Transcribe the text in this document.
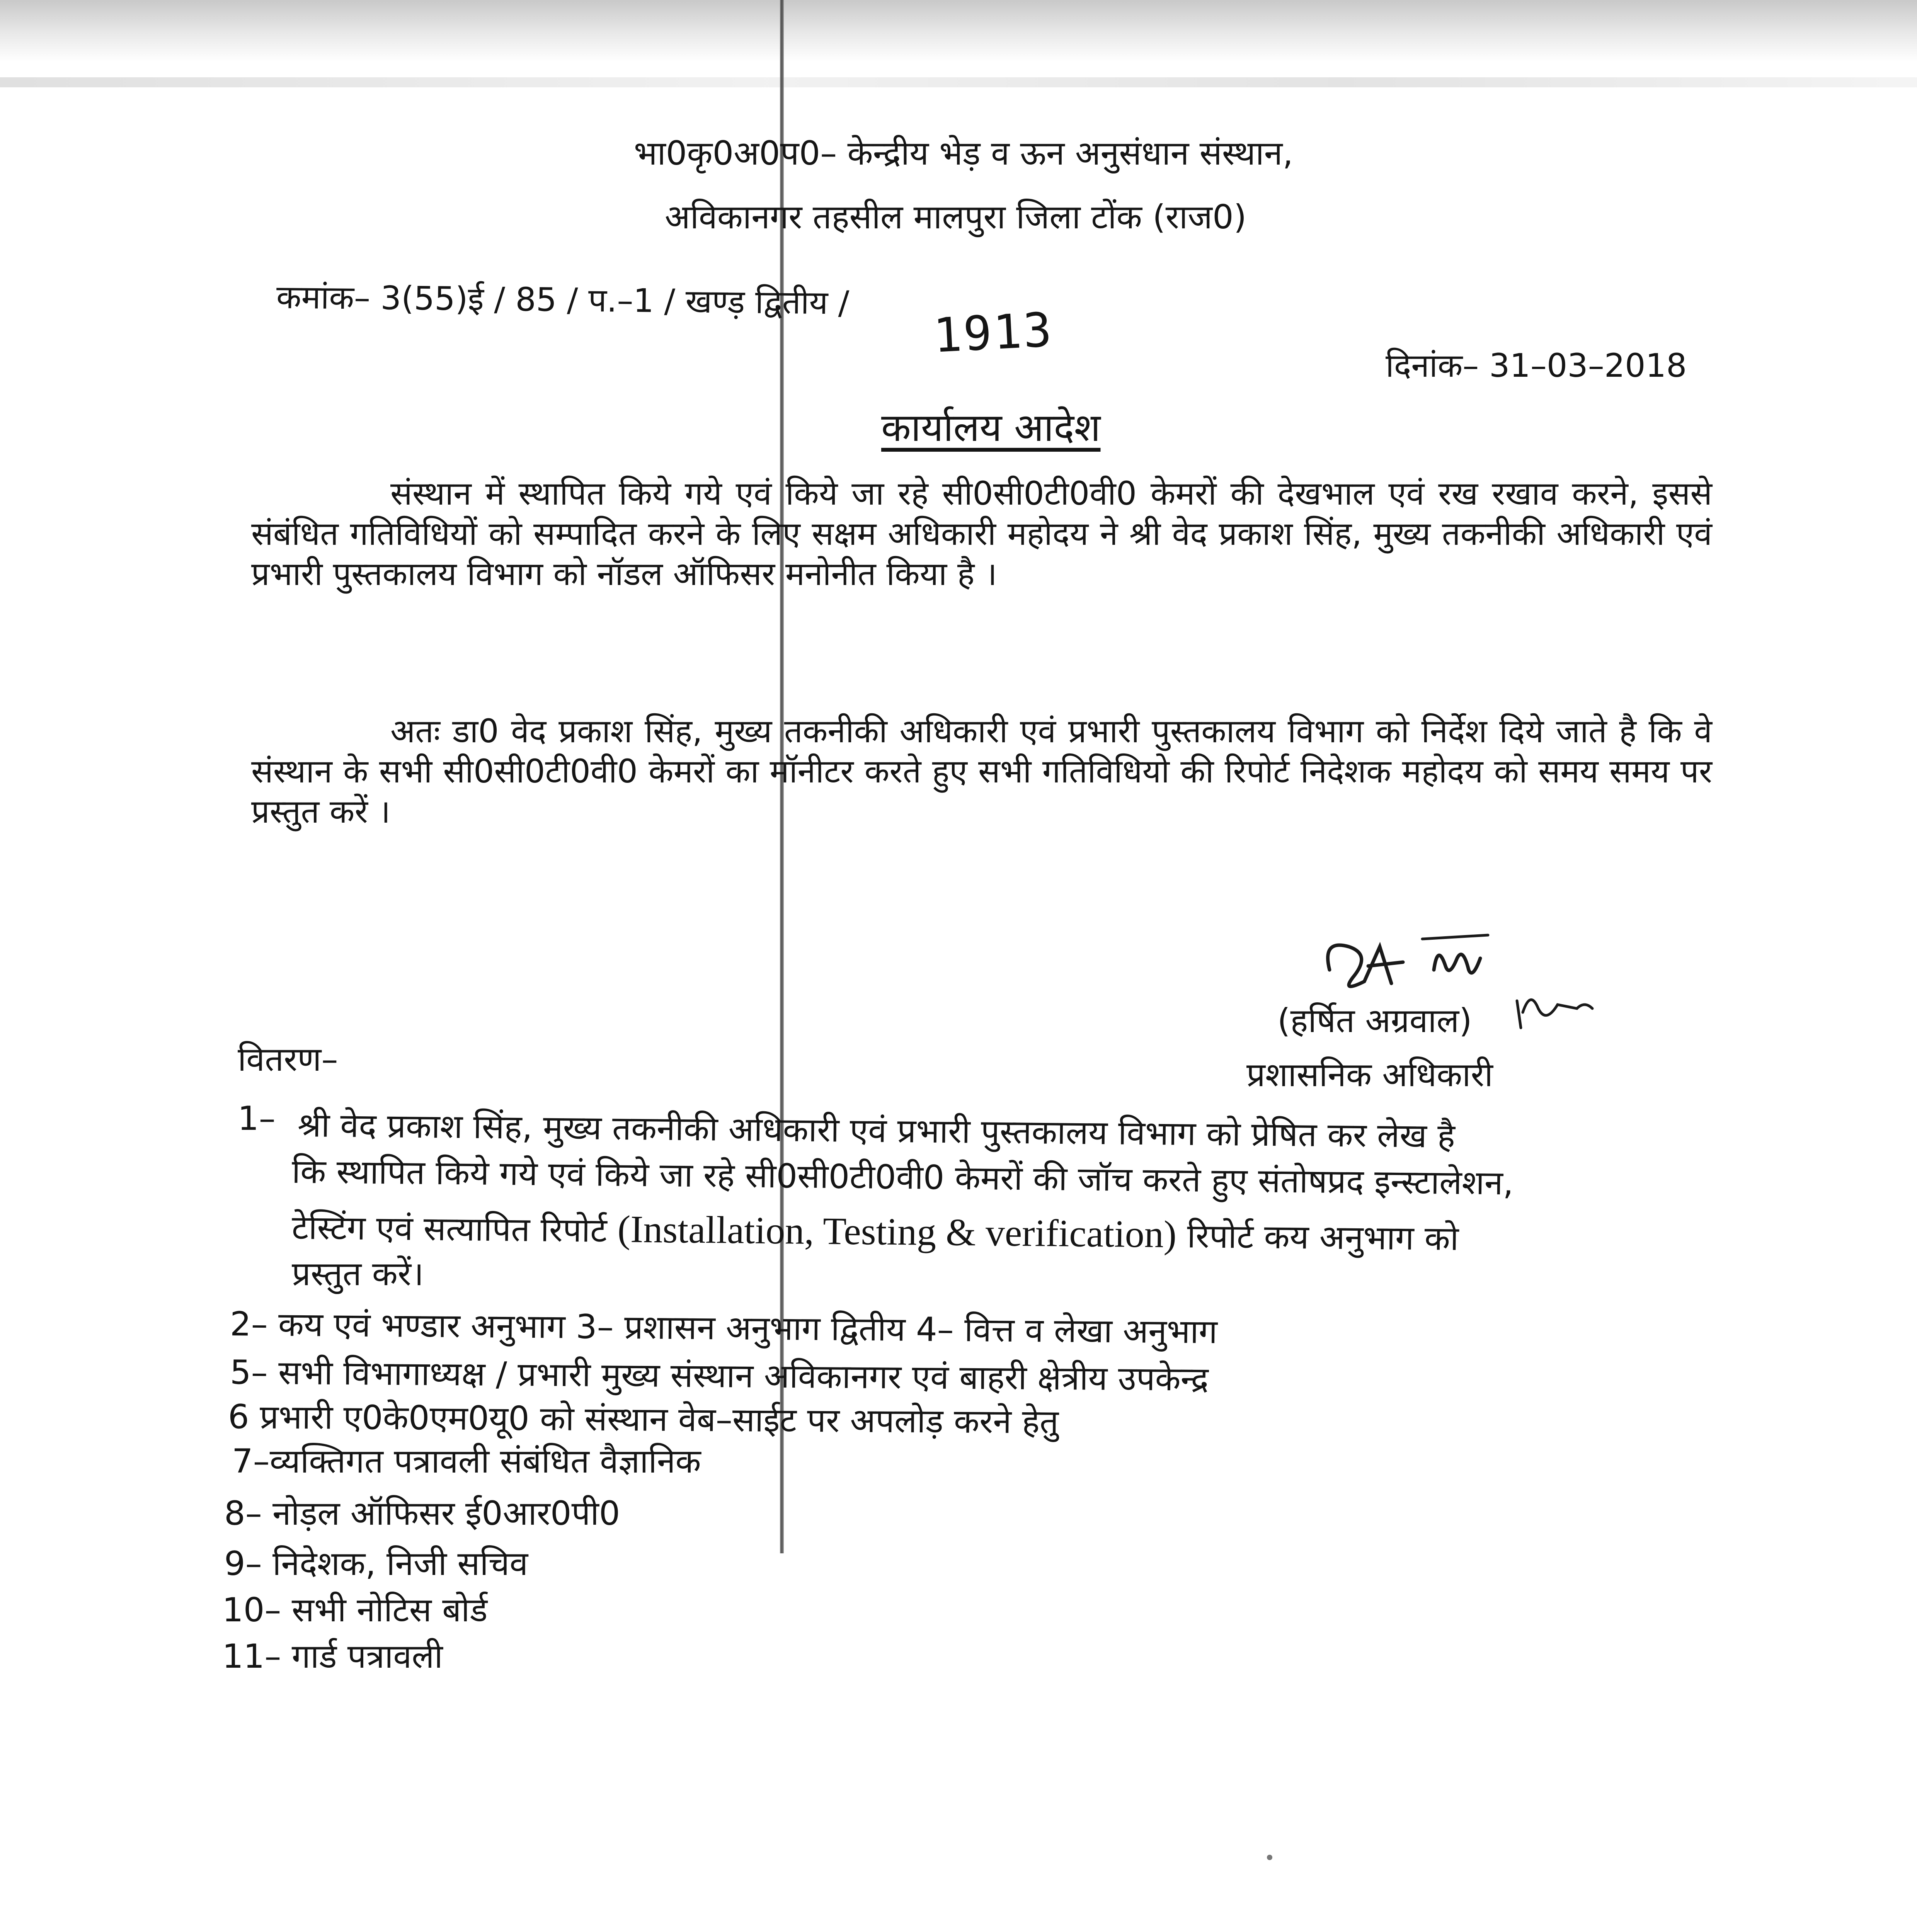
भा0कृ0अ0प0– केन्द्रीय भेड़ व ऊन अनुसंधान संस्थान,

अविकानगर तहसील मालपुरा जिला टोंक (राज0)

कमांक– 3(55)ई / 85 / प.–1 / खण्ड़ द्वितीय /

1913

दिनांक– 31–03–2018

कार्यालय आदेश

संस्थान में स्थापित किये गये एवं किये जा रहे सी0सी0टी0वी0 केमरों की देखभाल एवं रख रखाव करने, इससे संबंधित गतिविधियों को सम्पादित करने के लिए सक्षम अधिकारी महोदय ने श्री वेद प्रकाश सिंह, मुख्य तकनीकी अधिकारी एवं प्रभारी पुस्तकालय विभाग को नॉडल ऑफिसर मनोनीत किया है ।

अतः डा0 वेद प्रकाश सिंह, मुख्य तकनीकी अधिकारी एवं प्रभारी पुस्तकालय विभाग को निर्देश दिये जाते है कि वे संस्थान के सभी सी0सी0टी0वी0 केमरों का मॉनीटर करते हुए सभी गतिविधियो की रिपोर्ट निदेशक महोदय को समय समय पर प्रस्तुत करें ।

(हर्षित अग्रवाल)

प्रशासनिक अधिकारी

वितरण–

1– श्री वेद प्रकाश सिंह, मुख्य तकनीकी अधिकारी एवं प्रभारी पुस्तकालय विभाग को प्रेषित कर लेख है

कि स्थापित किये गये एवं किये जा रहे सी0सी0टी0वी0 केमरों की जॉच करते हुए संतोषप्रद इन्स्टालेशन,

टेस्टिंग एवं सत्यापित रिपोर्ट (Installation, Testing & verification) रिपोर्ट कय अनुभाग को

प्रस्तुत करें।

2– कय एवं भण्डार अनुभाग 3– प्रशासन अनुभाग द्वितीय 4– वित्त व लेखा अनुभाग

5– सभी विभागाध्यक्ष / प्रभारी मुख्य संस्थान अविकानगर एवं बाहरी क्षेत्रीय उपकेन्द्र

6 प्रभारी ए0के0एम0यू0 को संस्थान वेब–साईट पर अपलोड़ करने हेतु

7–व्यक्तिगत पत्रावली संबंधित वैज्ञानिक

8– नोड़ल ऑफिसर ई0आर0पी0

9– निदेशक, निजी सचिव

10– सभी नोटिस बोर्ड

11– गार्ड पत्रावली
